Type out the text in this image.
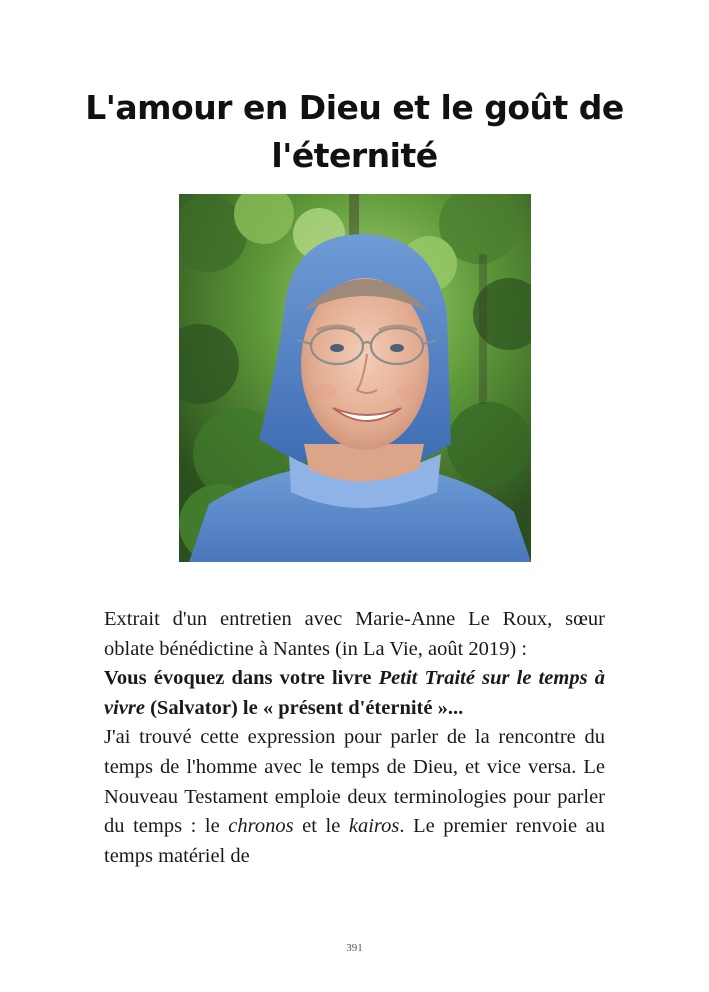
L'amour en Dieu et le goût de
l'éternité

Extrait d'un entretien avec Marie-Anne Le Roux, sœur oblate bénédictine à Nantes (in La Vie, août 2019) :

Vous évoquez dans votre livre Petit Traité sur le temps à vivre (Salvator) le « présent d'éternité »...

J'ai trouvé cette expression pour parler de la rencontre du temps de l'homme avec le temps de Dieu, et vice versa. Le Nouveau Testament emploie deux terminologies pour parler du temps : le chronos et le kairos. Le premier renvoie au temps matériel de

391
